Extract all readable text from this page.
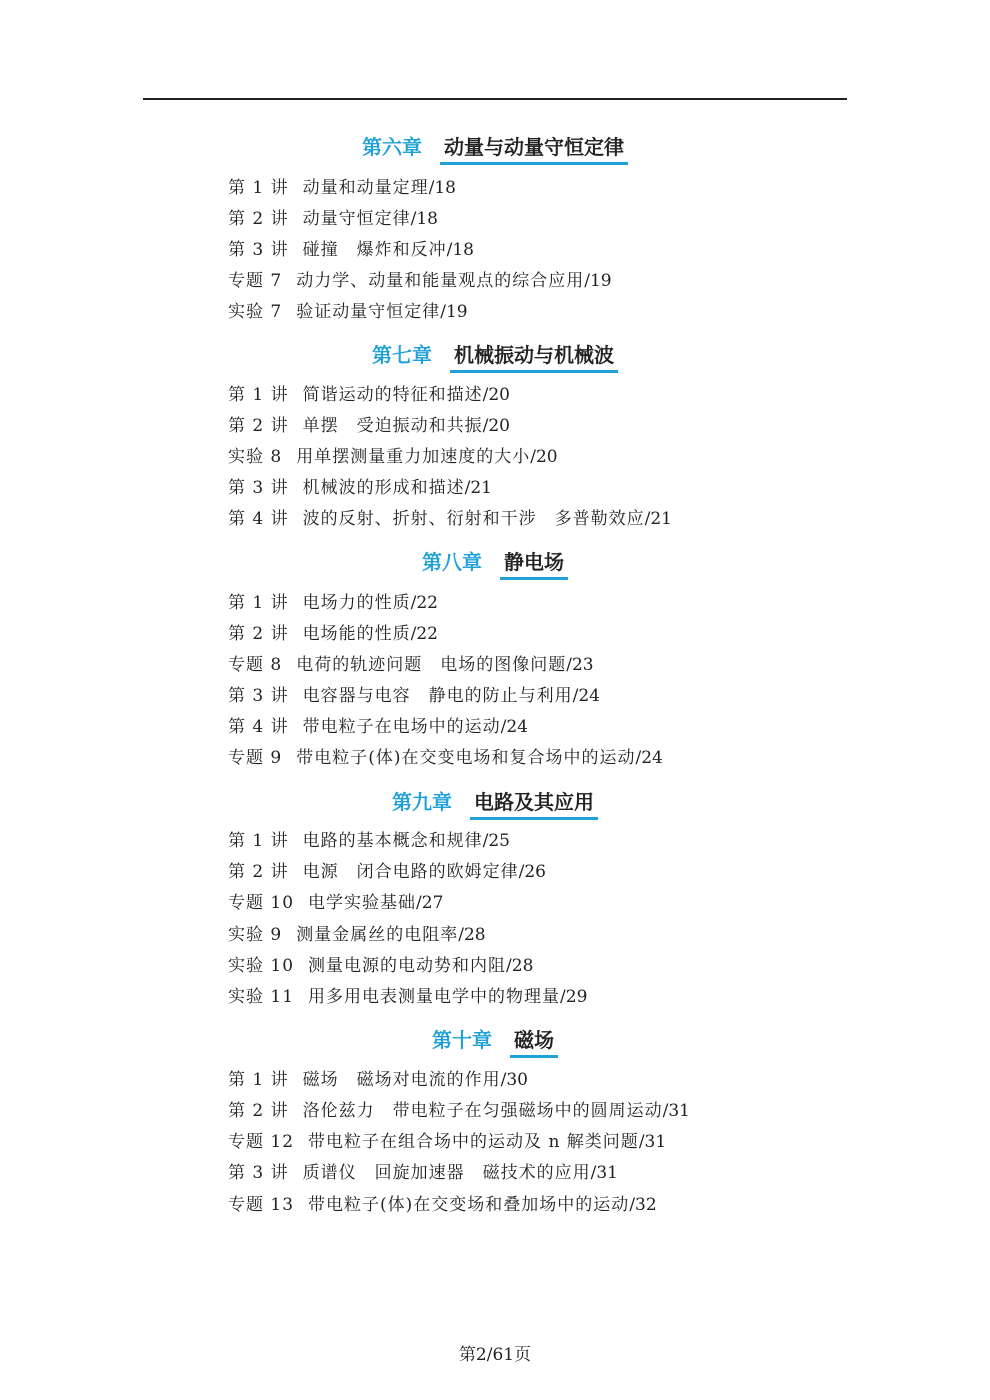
第六章 动量与动量守恒定律
第 1 讲 动量和动量定理/18
第 2 讲 动量守恒定律/18
第 3 讲 碰撞　爆炸和反冲/18
专题 7 动力学、动量和能量观点的综合应用/19
实验 7 验证动量守恒定律/19
第七章 机械振动与机械波
第 1 讲 简谐运动的特征和描述/20
第 2 讲 单摆　受迫振动和共振/20
实验 8 用单摆测量重力加速度的大小/20
第 3 讲 机械波的形成和描述/21
第 4 讲 波的反射、折射、衍射和干涉　多普勒效应/21
第八章 静电场
第 1 讲 电场力的性质/22
第 2 讲 电场能的性质/22
专题 8 电荷的轨迹问题　电场的图像问题/23
第 3 讲 电容器与电容　静电的防止与利用/24
第 4 讲 带电粒子在电场中的运动/24
专题 9 带电粒子(体)在交变电场和复合场中的运动/24
第九章 电路及其应用
第 1 讲 电路的基本概念和规律/25
第 2 讲 电源　闭合电路的欧姆定律/26
专题 10 电学实验基础/27
实验 9 测量金属丝的电阻率/28
实验 10 测量电源的电动势和内阻/28
实验 11 用多用电表测量电学中的物理量/29
第十章 磁场
第 1 讲 磁场　磁场对电流的作用/30
第 2 讲 洛伦兹力　带电粒子在匀强磁场中的圆周运动/31
专题 12 带电粒子在组合场中的运动及 n 解类问题/31
第 3 讲 质谱仪　回旋加速器　磁技术的应用/31
专题 13 带电粒子(体)在交变场和叠加场中的运动/32
第2/61页
